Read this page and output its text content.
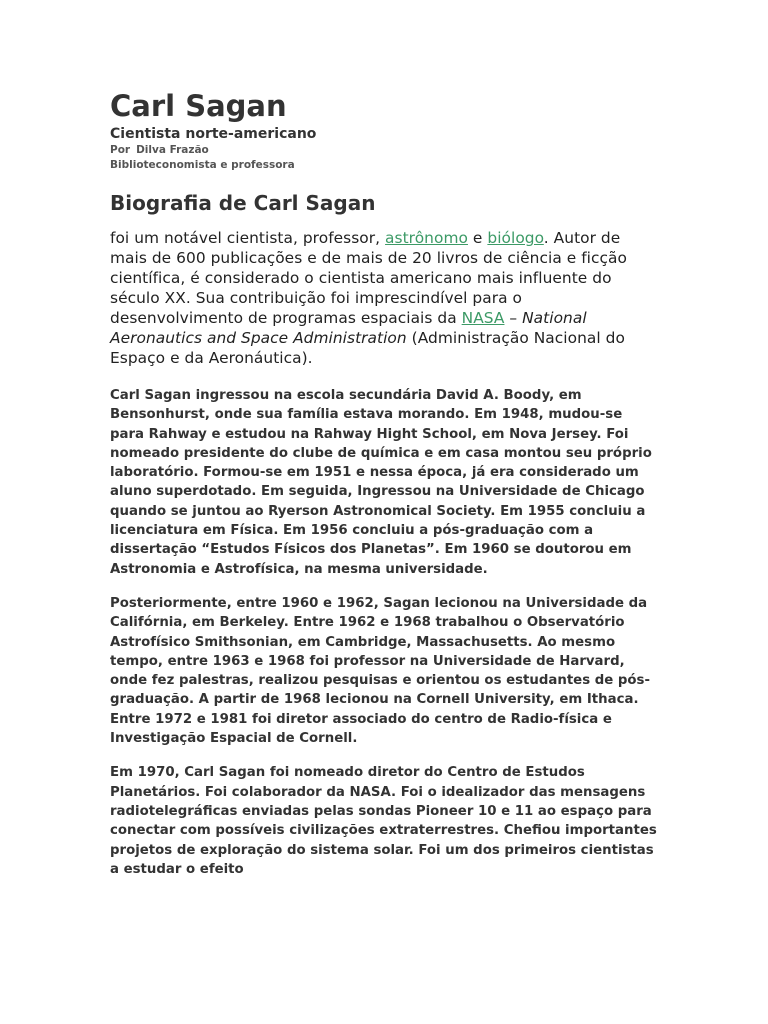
Carl Sagan
Cientista norte-americano
Por Dilva Frazão
Biblioteconomista e professora
Biografia de Carl Sagan

foi um notável cientista, professor, astrônomo e biólogo. Autor de mais de 600 publicações e de mais de 20 livros de ciência e ficção científica, é considerado o cientista americano mais influente do século XX. Sua contribuição foi imprescindível para o desenvolvimento de programas espaciais da NASA – National Aeronautics and Space Administration (Administração Nacional do Espaço e da Aeronáutica).

Carl Sagan ingressou na escola secundária David A. Boody, em Bensonhurst, onde sua família estava morando. Em 1948, mudou-se para Rahway e estudou na Rahway Hight School, em Nova Jersey. Foi nomeado presidente do clube de química e em casa montou seu próprio laboratório. Formou-se em 1951 e nessa época, já era considerado um aluno superdotado. Em seguida, Ingressou na Universidade de Chicago quando se juntou ao Ryerson Astronomical Society. Em 1955 concluiu a licenciatura em Física. Em 1956 concluiu a pós-graduação com a dissertação “Estudos Físicos dos Planetas”. Em 1960 se doutorou em Astronomia e Astrofísica, na mesma universidade.

Posteriormente, entre 1960 e 1962, Sagan lecionou na Universidade da Califórnia, em Berkeley. Entre 1962 e 1968 trabalhou o Observatório Astrofísico Smithsonian, em Cambridge, Massachusetts. Ao mesmo tempo, entre 1963 e 1968 foi professor na Universidade de Harvard, onde fez palestras, realizou pesquisas e orientou os estudantes de pós-graduação. A partir de 1968 lecionou na Cornell University, em Ithaca. Entre 1972 e 1981 foi diretor associado do centro de Radio-física e Investigação Espacial de Cornell.

Em 1970, Carl Sagan foi nomeado diretor do Centro de Estudos Planetários. Foi colaborador da NASA. Foi o idealizador das mensagens radiotelegráficas enviadas pelas sondas Pioneer 10 e 11 ao espaço para conectar com possíveis civilizações extraterrestres. Chefiou importantes projetos de exploração do sistema solar. Foi um dos primeiros cientistas a estudar o efeito
